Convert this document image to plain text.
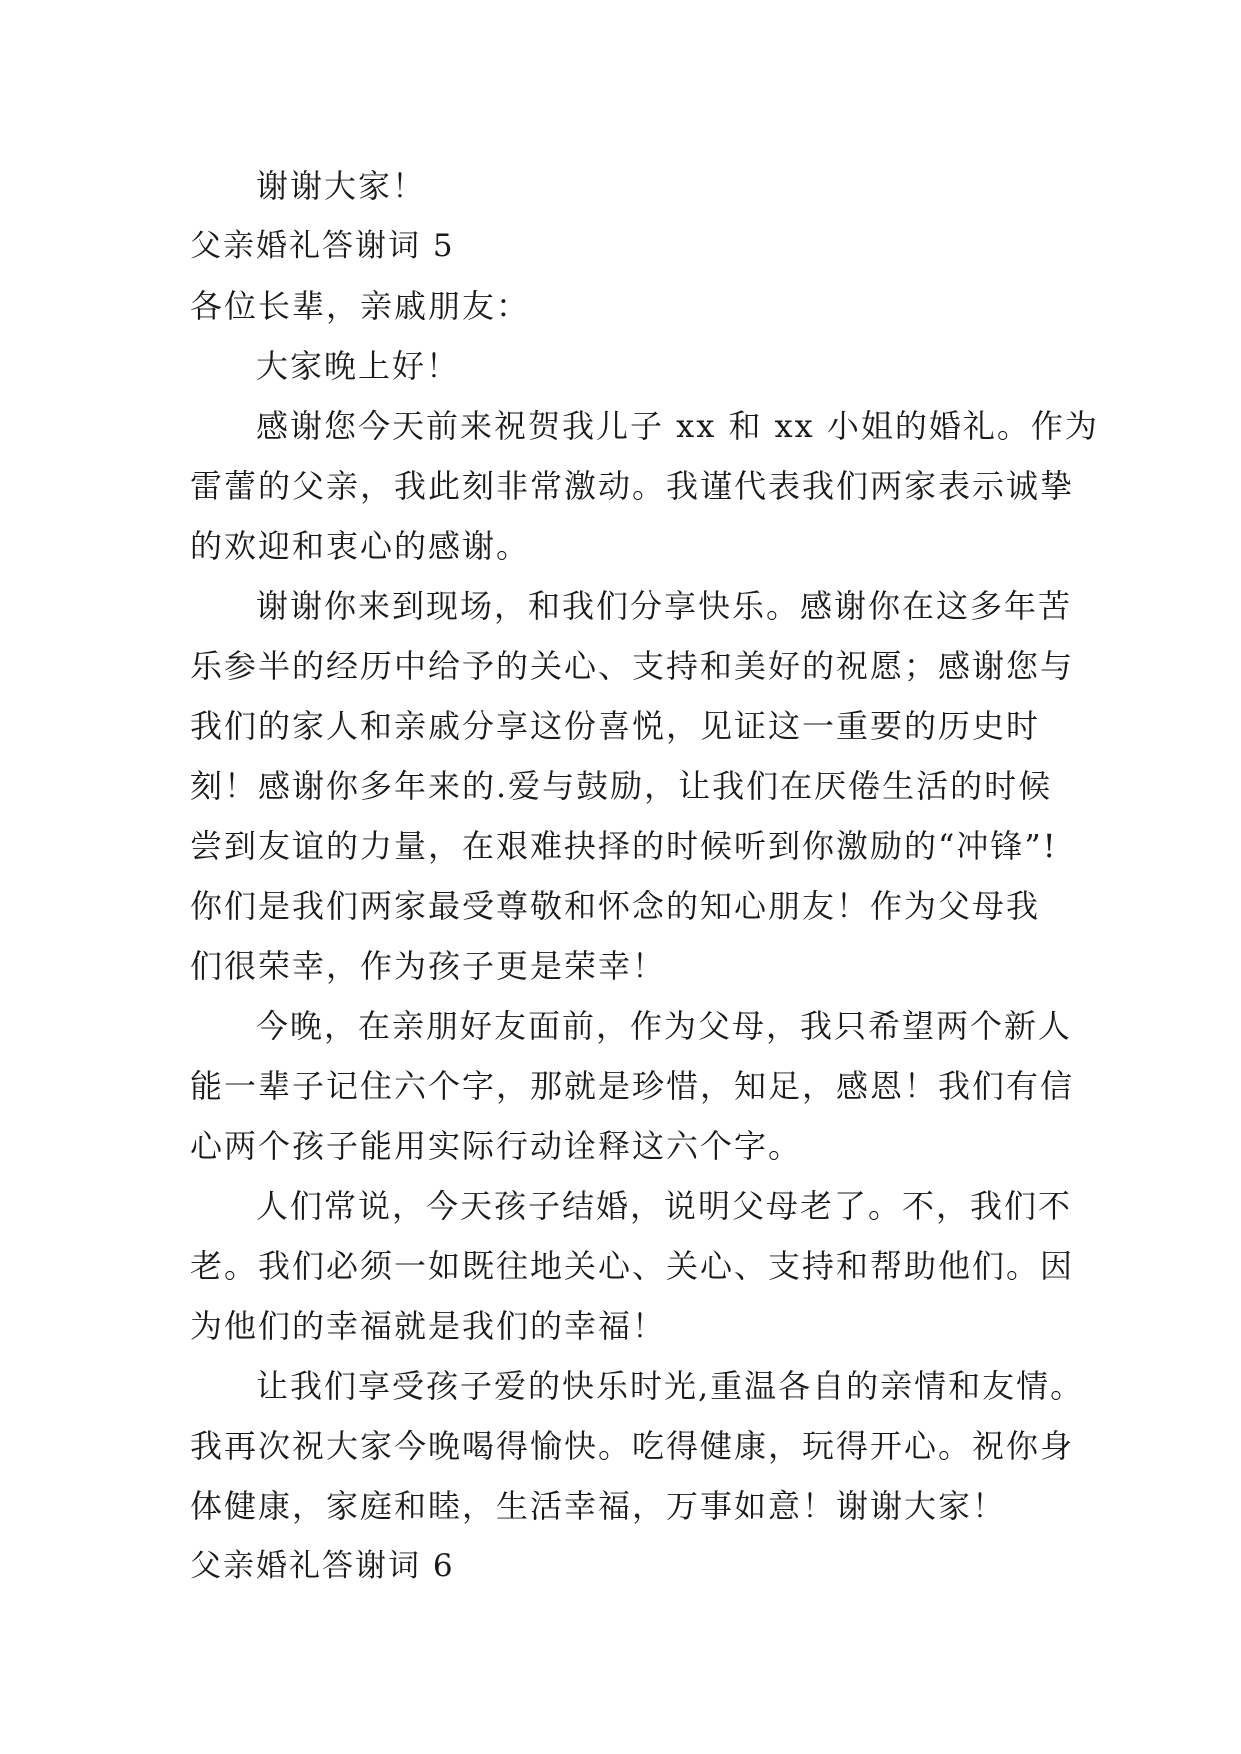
谢谢大家！
父亲婚礼答谢词 5
各位长辈，亲戚朋友：
大家晚上好！
感谢您今天前来祝贺我儿子 xx 和 xx 小姐的婚礼。作为
雷蕾的父亲，我此刻非常激动。我谨代表我们两家表示诚挚
的欢迎和衷心的感谢。
谢谢你来到现场，和我们分享快乐。感谢你在这多年苦
乐参半的经历中给予的关心、支持和美好的祝愿；感谢您与
我们的家人和亲戚分享这份喜悦，见证这一重要的历史时
刻！感谢你多年来的.爱与鼓励，让我们在厌倦生活的时候
尝到友谊的力量，在艰难抉择的时候听到你激励的“冲锋”!
你们是我们两家最受尊敬和怀念的知心朋友！作为父母我
们很荣幸，作为孩子更是荣幸！
今晚，在亲朋好友面前，作为父母，我只希望两个新人
能一辈子记住六个字，那就是珍惜，知足，感恩！我们有信
心两个孩子能用实际行动诠释这六个字。
人们常说，今天孩子结婚，说明父母老了。不，我们不
老。我们必须一如既往地关心、关心、支持和帮助他们。因
为他们的幸福就是我们的幸福！
让我们享受孩子爱的快乐时光,重温各自的亲情和友情。
我再次祝大家今晚喝得愉快。吃得健康，玩得开心。祝你身
体健康，家庭和睦，生活幸福，万事如意！谢谢大家！
父亲婚礼答谢词 6
